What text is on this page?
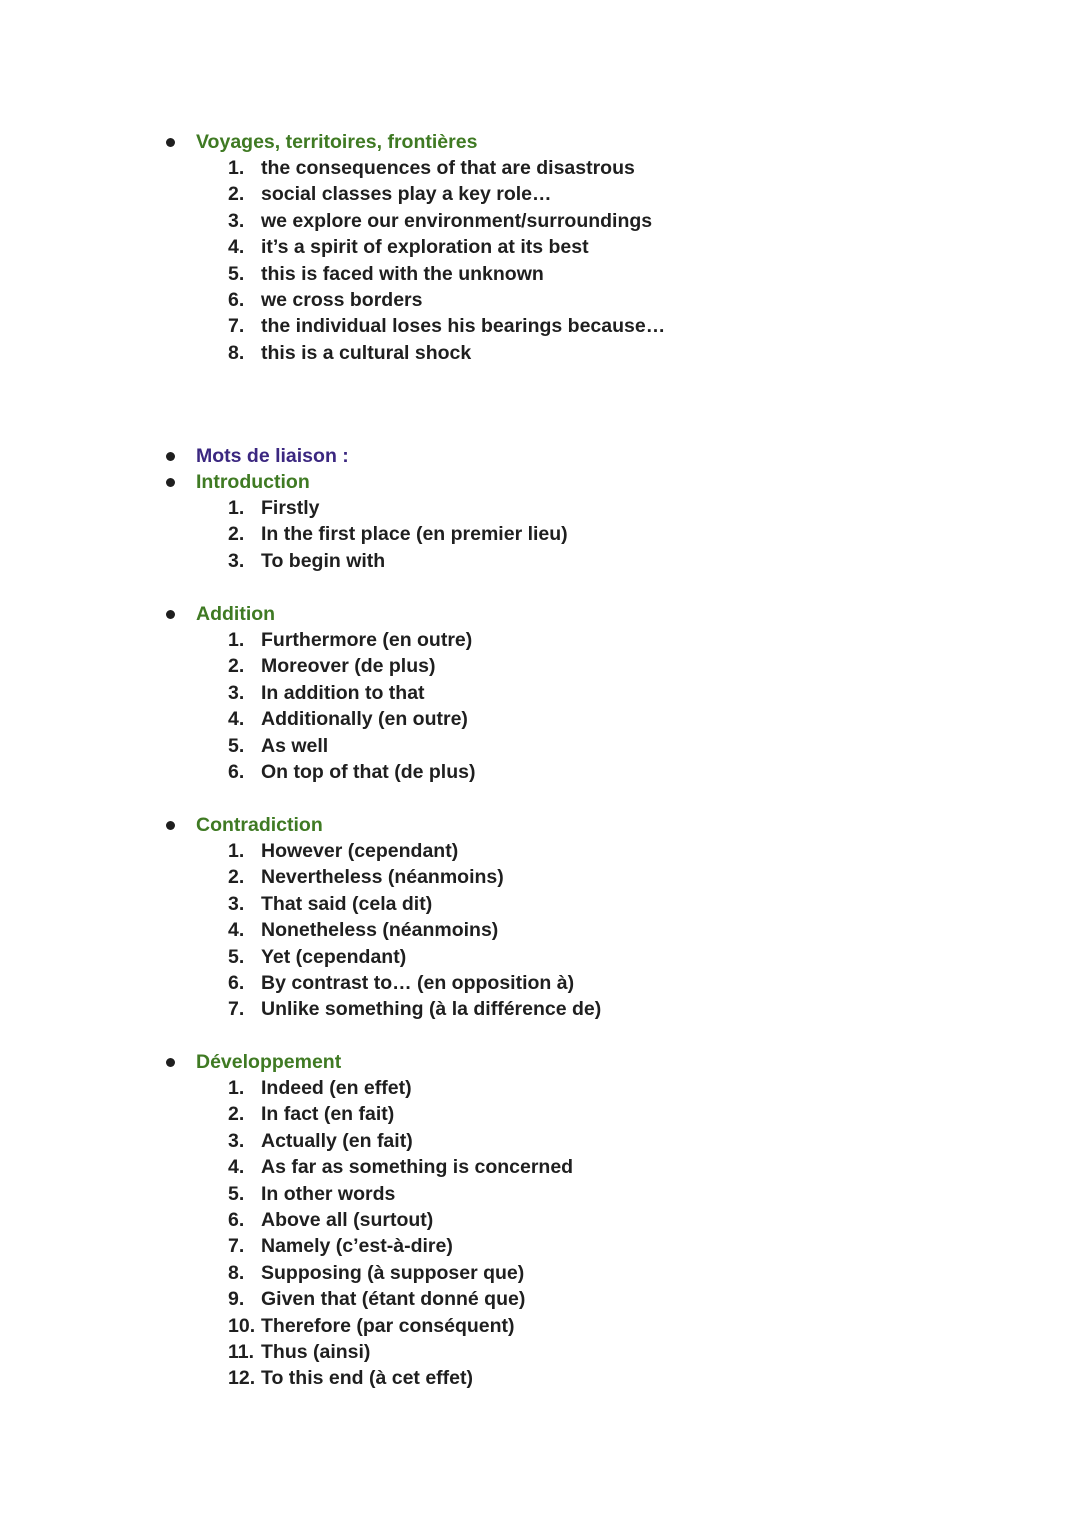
Voyages, territoires, frontières
1. the consequences of that are disastrous
2. social classes play a key role…
3. we explore our environment/surroundings
4. it’s a spirit of exploration at its best
5. this is faced with the unknown
6. we cross borders
7. the individual loses his bearings because…
8. this is a cultural shock
Mots de liaison :
Introduction
1. Firstly
2. In the first place (en premier lieu)
3. To begin with
Addition
1. Furthermore (en outre)
2. Moreover (de plus)
3. In addition to that
4. Additionally (en outre)
5. As well
6. On top of that (de plus)
Contradiction
1. However (cependant)
2. Nevertheless (néanmoins)
3. That said (cela dit)
4. Nonetheless (néanmoins)
5. Yet (cependant)
6. By contrast to… (en opposition à)
7. Unlike something (à la différence de)
Développement
1. Indeed (en effet)
2. In fact (en fait)
3. Actually (en fait)
4. As far as something is concerned
5. In other words
6. Above all (surtout)
7. Namely (c’est-à-dire)
8. Supposing (à supposer que)
9. Given that (étant donné que)
10. Therefore (par conséquent)
11. Thus (ainsi)
12. To this end (à cet effet)
